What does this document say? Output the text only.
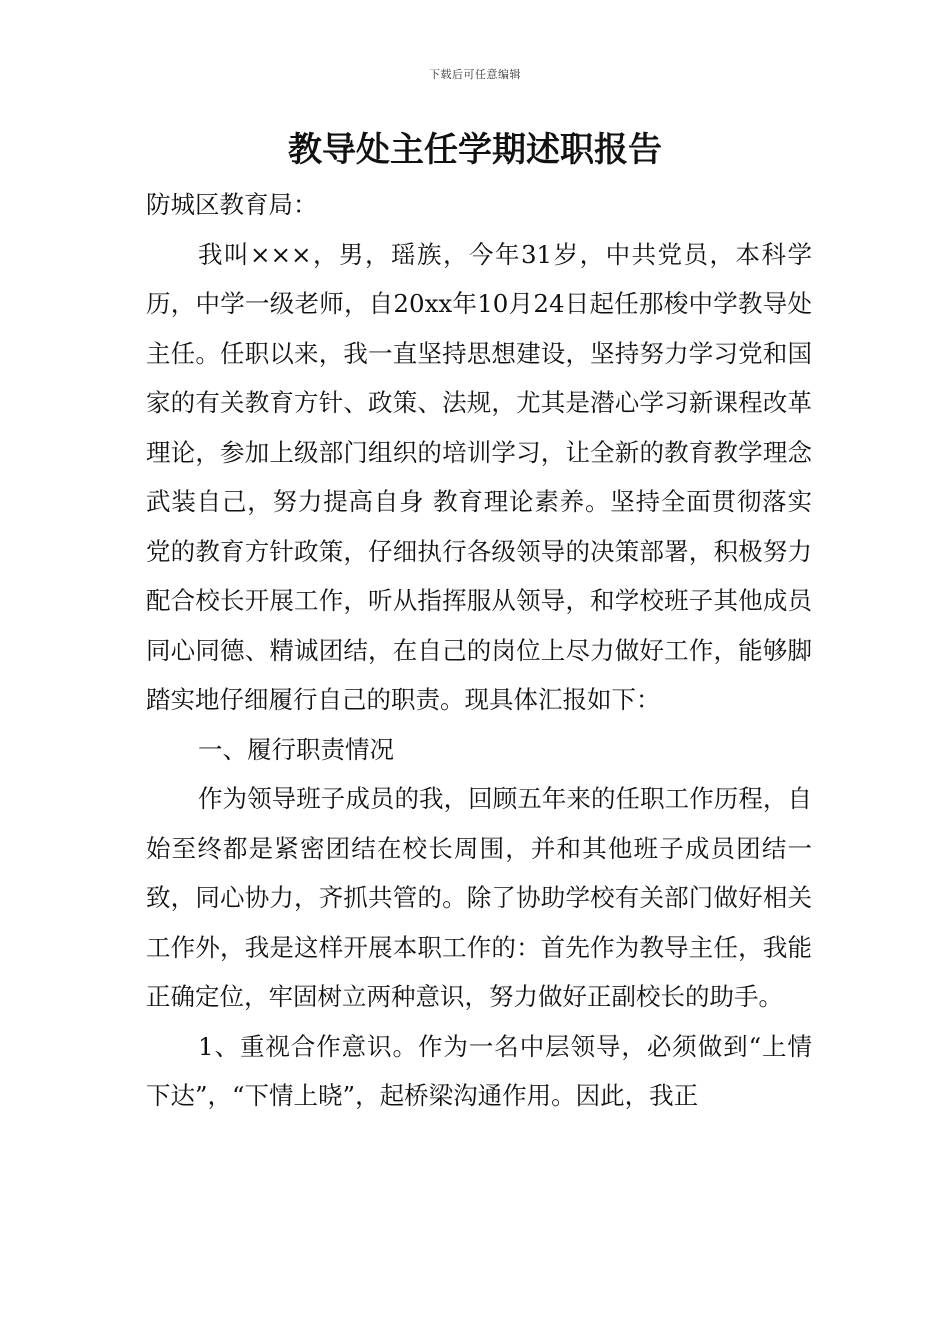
下载后可任意编辑
教导处主任学期述职报告

防城区教育局：

我叫×××，男，瑶族，今年31岁，中共党员，本科学历，中学一级老师，自20xx年10月24日起任那梭中学教导处主任。任职以来，我一直坚持思想建设，坚持努力学习党和国家的有关教育方针、政策、法规，尤其是潜心学习新课程改革理论，参加上级部门组织的培训学习，让全新的教育教学理念武装自己，努力提高自身 教育理论素养。坚持全面贯彻落实党的教育方针政策，仔细执行各级领导的决策部署，积极努力配合校长开展工作，听从指挥服从领导，和学校班子其他成员同心同德、精诚团结，在自己的岗位上尽力做好工作，能够脚踏实地仔细履行自己的职责。现具体汇报如下：

一、履行职责情况

作为领导班子成员的我，回顾五年来的任职工作历程，自始至终都是紧密团结在校长周围，并和其他班子成员团结一致，同心协力，齐抓共管的。除了协助学校有关部门做好相关工作外，我是这样开展本职工作的：首先作为教导主任，我能正确定位，牢固树立两种意识，努力做好正副校长的助手。

1、重视合作意识。作为一名中层领导，必须做到“上情下达”，“下情上晓”，起桥梁沟通作用。因此，我正
